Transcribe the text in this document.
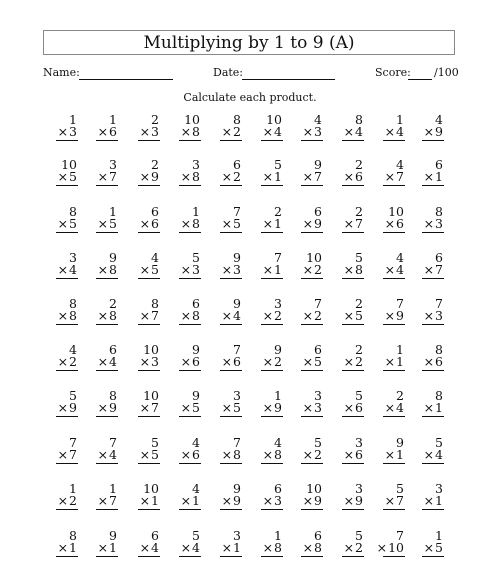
Multiplying by 1 to 9 (A)
Name:	Date:	Score: /100
Calculate each product.
1
3
×
1
6
×
2
3
×
10
8
×
8
2
×
10
4
×
4
3
×
8
4
×
1
4
×
4
9
×
10
5
×
3
7
×
2
9
×
3
8
×
6
2
×
5
1
×
9
7
×
2
6
×
4
7
×
6
1
×
8
5
×
1
5
×
6
6
×
1
8
×
7
5
×
2
1
×
6
9
×
2
7
×
10
6
×
8
3
×
3
4
×
9
8
×
4
5
×
5
3
×
9
3
×
7
1
×
10
2
×
5
8
×
4
4
×
6
7
×
8
8
×
2
8
×
8
7
×
6
8
×
9
4
×
3
2
×
7
2
×
2
5
×
7
9
×
7
3
×
4
2
×
6
4
×
10
3
×
9
6
×
7
6
×
9
2
×
6
5
×
2
2
×
1
1
×
8
6
×
5
9
×
8
9
×
10
7
×
9
5
×
3
5
×
1
9
×
3
3
×
5
6
×
2
4
×
8
1
×
7
7
×
7
4
×
5
5
×
4
6
×
7
8
×
4
8
×
5
2
×
3
6
×
9
1
×
5
4
×
1
2
×
1
7
×
10
1
×
4
1
×
9
9
×
6
3
×
10
9
×
3
9
×
5
7
×
3
1
×
8
1
×
9
1
×
6
4
×
5
4
×
3
1
×
1
8
×
6
8
×
5
2
×
7
10
×
1
5
×
